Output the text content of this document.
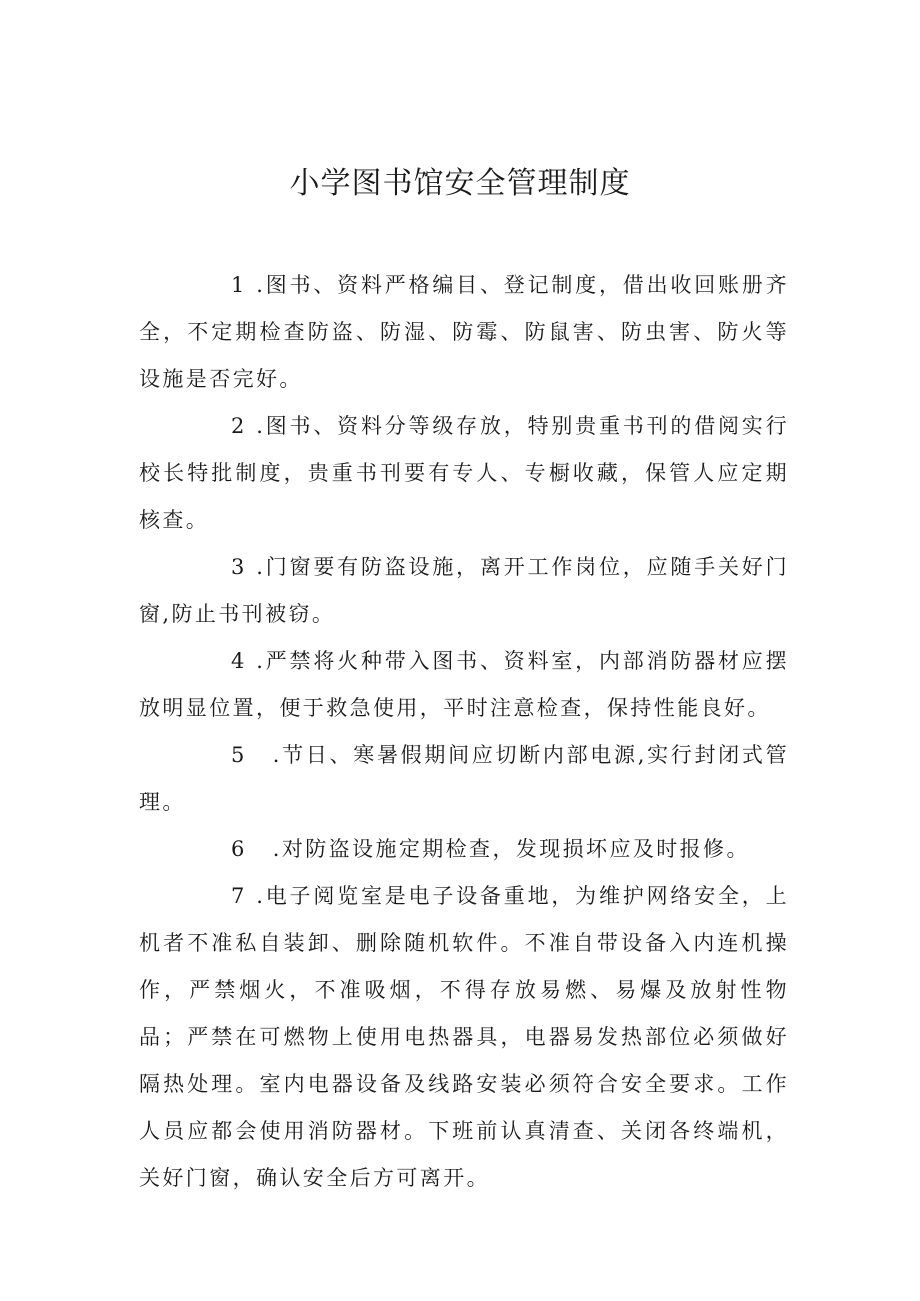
小学图书馆安全管理制度

1 .图书、资料严格编目、登记制度，借出收回账册齐全，不定期检查防盗、防湿、防霉、防鼠害、防虫害、防火等设施是否完好。

2 .图书、资料分等级存放，特别贵重书刊的借阅实行校长特批制度，贵重书刊要有专人、专橱收藏，保管人应定期核查。

3 .门窗要有防盗设施，离开工作岗位，应随手关好门窗,防止书刊被窃。

4 .严禁将火种带入图书、资料室，内部消防器材应摆放明显位置，便于救急使用，平时注意检查，保持性能良好。

5 .节日、寒暑假期间应切断内部电源,实行封闭式管理。

6 .对防盗设施定期检查，发现损坏应及时报修。

7 .电子阅览室是电子设备重地，为维护网络安全，上机者不准私自装卸、删除随机软件。不准自带设备入内连机操作，严禁烟火，不准吸烟，不得存放易燃、易爆及放射性物品；严禁在可燃物上使用电热器具，电器易发热部位必须做好隔热处理。室内电器设备及线路安装必须符合安全要求。工作人员应都会使用消防器材。下班前认真清查、关闭各终端机，关好门窗，确认安全后方可离开。
